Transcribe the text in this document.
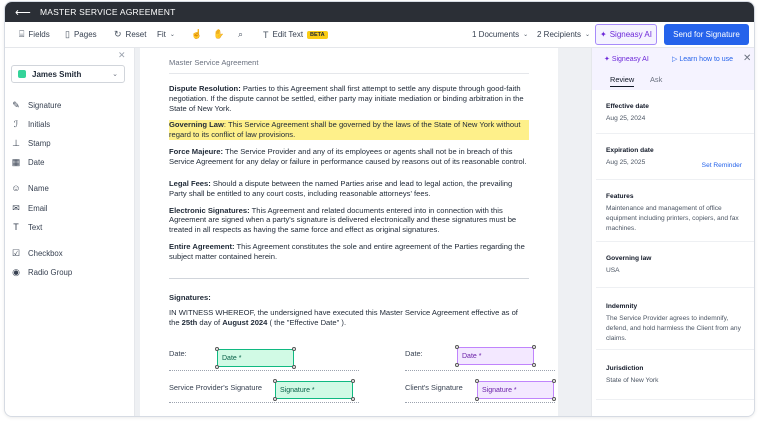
⟵ MASTER SERVICE AGREEMENT
⌸ Fields ▯ Pages ↻ Reset Fit ⌄ ☝ ✋ ⌕ T Edit Text	BETA	1 Documents ⌄ 2 Recipients ⌄ ✦ Signeasy AI	Send for Signature
✕
James Smith	⌄
✎ Signature
ℐ	Initials
⊥ Stamp
▦ Date
☺ Name
✉ Email
T Text
☑ Checkbox
◉ Radio Group
Master Service Agreement

Dispute Resolution: Parties to this Agreement shall first attempt to settle any dispute through good-faith negotiation. If the dispute cannot be settled, either party may initiate mediation or binding arbitration in the State of New York.

Governing Law: This Service Agreement shall be governed by the laws of the State of New York without regard to its conflict of law provisions.

Force Majeure: The Service Provider and any of its employees or agents shall not be in breach of this Service Agreement for any delay or failure in performance caused by reasons out of its reasonable control.

Legal Fees: Should a dispute between the named Parties arise and lead to legal action, the prevailing Party shall be entitled to any court costs, including reasonable attorneys' fees.

Electronic Signatures: This Agreement and related documents entered into in connection with this Agreement are signed when a party's signature is delivered electronically and these signatures must be treated in all respects as having the same force and effect as original signatures.

Entire Agreement: This Agreement constitutes the sole and entire agreement of the Parties regarding the subject matter contained herein.

Signatures:

IN WITNESS WHEREOF, the undersigned have executed this Master Service Agreement effective as of the 25th day of August 2024 ( the "Effective Date" ).

Date:	Date *	Date:	Date *
Service Provider's Signature	Signature *	Client's Signature	Signature *
✦ Signeasy AI	▷ Learn how to use ✕
Review Ask
Effective date
Aug 25, 2024
Expiration date
Aug 25, 2025	Set Reminder
Features
Maintenance and management of office equipment including printers, copiers, and fax machines.
Governing law
USA
Indemnity
The Service Provider agrees to indemnify, defend, and hold harmless the Client from any claims.
Jurisdiction
State of New York
